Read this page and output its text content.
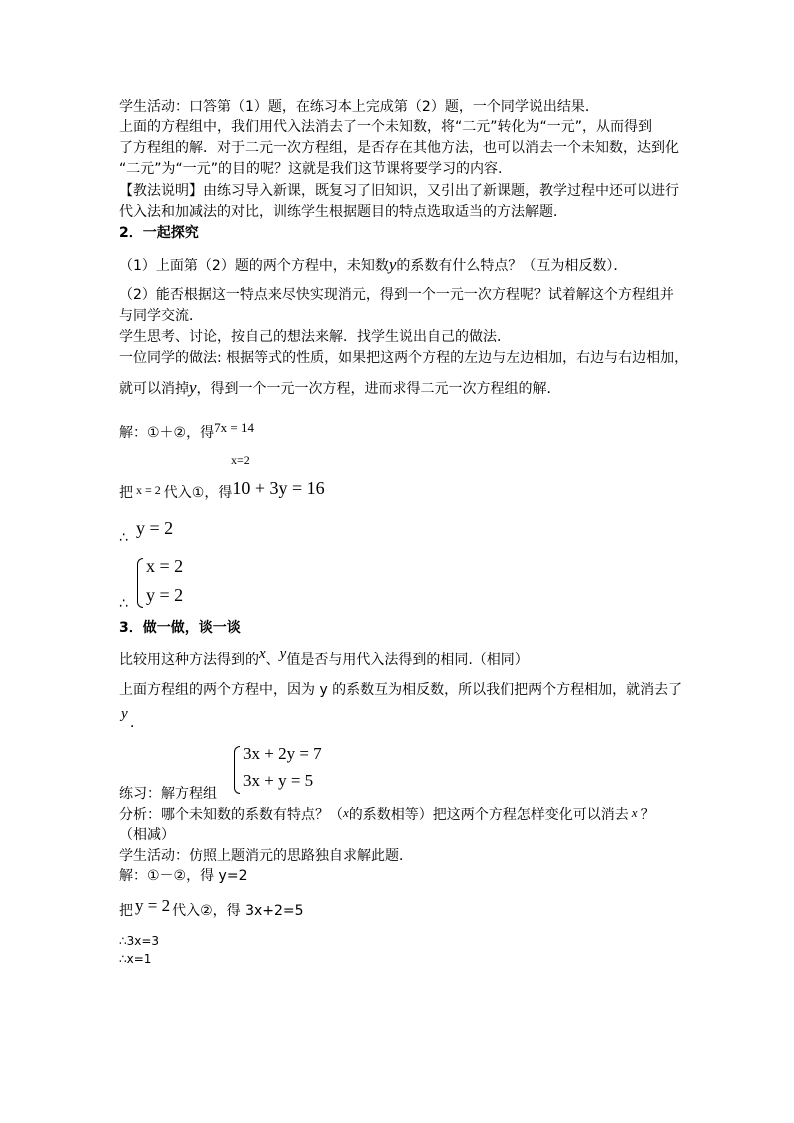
学生活动：口答第（1）题，在练习本上完成第（2）题，一个同学说出结果．
上面的方程组中，我们用代入法消去了一个未知数，将“二元”转化为“一元”，从而得到
了方程组的解．对于二元一次方程组，是否存在其他方法，也可以消去一个未知数，达到化
“二元”为“一元”的目的呢？这就是我们这节课将要学习的内容.
【教法说明】由练习导入新课，既复习了旧知识，又引出了新课题，教学过程中还可以进行
代入法和加减法的对比，训练学生根据题目的特点选取适当的方法解题．
2．一起探究
（1）上面第（2）题的两个方程中，未知数y的系数有什么特点？（互为相反数）．
（2）能否根据这一特点来尽快实现消元，得到一个一元一次方程呢？试着解这个方程组并
与同学交流．
学生思考、讨论，按自己的想法来解．找学生说出自己的做法．
一位同学的做法: 根据等式的性质，如果把这两个方程的左边与左边相加，右边与右边相加，
就可以消掉y，得到一个一元一次方程，进而求得二元一次方程组的解．
解：①＋②，得7x = 14
x=2
把 x = 2 代入①，得10 + 3y = 16
∴ y = 2
x = 2
y = 2
∴
3．做一做，谈一谈
比较用这种方法得到的x、y值是否与用代入法得到的相同.（相同）
上面方程组的两个方程中，因为 y 的系数互为相反数，所以我们把两个方程相加，就消去了
y
．
3x + 2y = 7
3x + y = 5
练习：解方程组
分析：哪个未知数的系数有特点？（x的系数相等）把这两个方程怎样变化可以消去 x ？
（相减）
学生活动：仿照上题消元的思路独自求解此题．
解：①－②，得 y=2
把 y = 2 代入②，得 3x+2=5
∴3x=3
∴x=1
